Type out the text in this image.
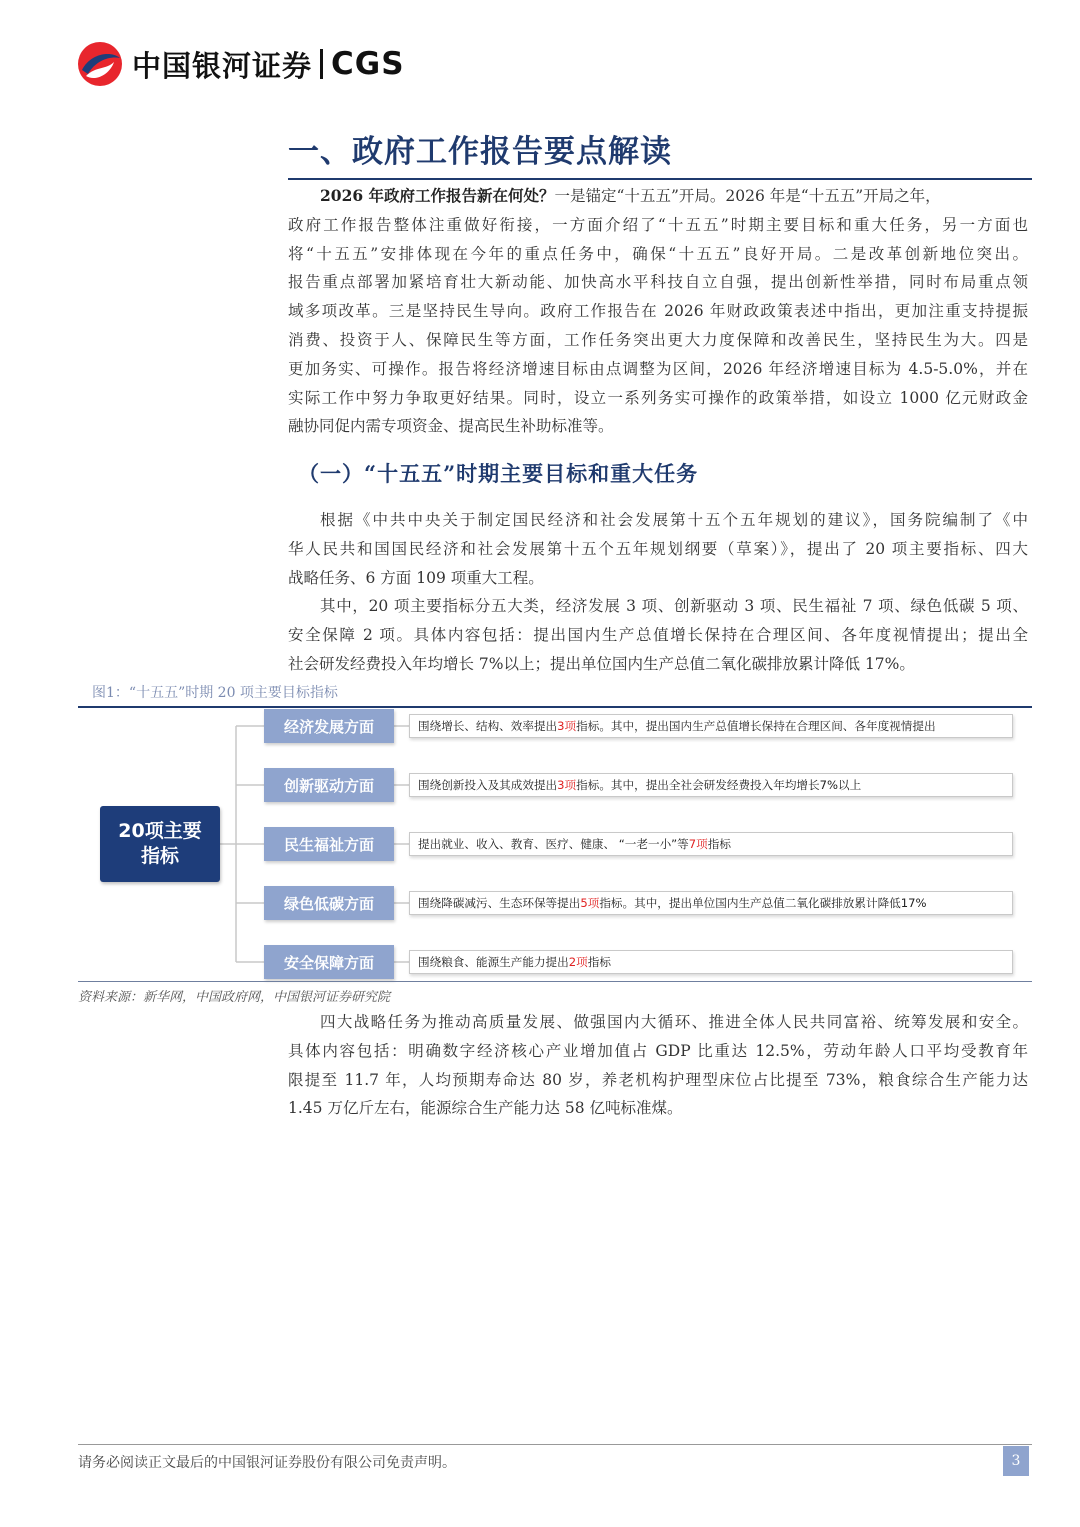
中国银河证券 CGS
一、政府工作报告要点解读
2026 年政府工作报告新在何处？一是锚定“十五五”开局。2026 年是“十五五”开局之年，
政府工作报告整体注重做好衔接，一方面介绍了“十五五”时期主要目标和重大任务，另一方面也
将“十五五”安排体现在今年的重点任务中，确保“十五五”良好开局。二是改革创新地位突出。
报告重点部署加紧培育壮大新动能、加快高水平科技自立自强，提出创新性举措，同时布局重点领
域多项改革。三是坚持民生导向。政府工作报告在 2026 年财政政策表述中指出，更加注重支持提振
消费、投资于人、保障民生等方面，工作任务突出更大力度保障和改善民生，坚持民生为大。四是
更加务实、可操作。报告将经济增速目标由点调整为区间，2026 年经济增速目标为 4.5-5.0%，并在
实际工作中努力争取更好结果。同时，设立一系列务实可操作的政策举措，如设立 1000 亿元财政金
融协同促内需专项资金、提高民生补助标准等。
（一）“十五五”时期主要目标和重大任务
根据《中共中央关于制定国民经济和社会发展第十五个五年规划的建议》，国务院编制了《中
华人民共和国国民经济和社会发展第十五个五年规划纲要（草案）》，提出了 20 项主要指标、四大
战略任务、6 方面 109 项重大工程。
其中，20 项主要指标分五大类，经济发展 3 项、创新驱动 3 项、民生福祉 7 项、绿色低碳 5 项、
安全保障 2 项。具体内容包括：提出国内生产总值增长保持在合理区间、各年度视情提出；提出全
社会研发经费投入年均增长 7%以上；提出单位国内生产总值二氧化碳排放累计降低 17%。
图1：“十五五”时期 20 项主要目标指标
20项主要
指标
经济发展方面	围绕增长、结构、效率提出 3项 指标。其中，提出国内生产总值增长保持在合理区间、各年度视情提出
创新驱动方面	围绕创新投入及其成效提出 3项 指标。其中，提出全社会研发经费投入年均增长7%以上
民生福祉方面	提出就业、收入、教育、医疗、健康、 “一老一小”等 7项 指标
绿色低碳方面	围绕降碳减污、生态环保等提出 5项 指标。其中，提出单位国内生产总值二氧化碳排放累计降低17%
安全保障方面	围绕粮食、能源生产能力提出 2项 指标
资料来源：新华网，中国政府网，中国银河证券研究院
四大战略任务为推动高质量发展、做强国内大循环、推进全体人民共同富裕、统筹发展和安全。
具体内容包括：明确数字经济核心产业增加值占 GDP 比重达 12.5%，劳动年龄人口平均受教育年
限提至 11.7 年，人均预期寿命达 80 岁，养老机构护理型床位占比提至 73%，粮食综合生产能力达
1.45 万亿斤左右，能源综合生产能力达 58 亿吨标准煤。
请务必阅读正文最后的中国银河证券股份有限公司免责声明。	3
